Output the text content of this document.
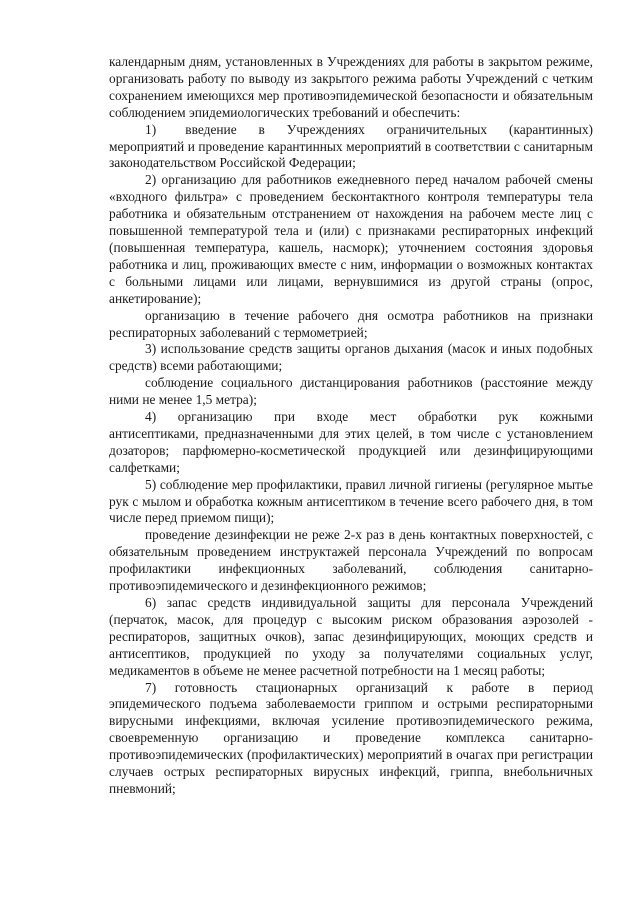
календарным дням, установленных в Учреждениях для работы в закрытом режиме, организовать работу по выводу из закрытого режима работы Учреждений с четким сохранением имеющихся мер противоэпидемической безопасности и обязательным соблюдением эпидемиологических требований и обеспечить:

1)    введение   в   Учреждениях   ограничительных   (карантинных) мероприятий и проведение карантинных мероприятий в соответствии с санитарным законодательством Российской Федерации;

2) организацию для работников ежедневного перед началом рабочей смены «входного фильтра» с проведением бесконтактного контроля температуры тела работника и обязательным отстранением от нахождения на рабочем месте лиц с повышенной температурой тела и (или) с признаками респираторных инфекций (повышенная температура, кашель, насморк); уточнением состояния здоровья работника и лиц, проживающих вместе с ним, информации о возможных контактах с больными лицами или лицами, вернувшимися из другой страны (опрос, анкетирование);

организацию в течение рабочего дня осмотра работников на признаки респираторных заболеваний с термометрией;

3) использование средств защиты органов дыхания (масок и иных подобных средств) всеми работающими;

соблюдение социального дистанцирования работников (расстояние между ними не менее 1,5 метра);

4)   организацию   при   входе   мест   обработки   рук   кожными антисептиками, предназначенными для этих целей, в том числе с установлением дозаторов; парфюмерно-косметической продукцией или дезинфицирующими салфетками;

5) соблюдение мер профилактики, правил личной гигиены (регулярное мытье рук с мылом и обработка кожным антисептиком в течение всего рабочего дня, в том числе перед приемом пищи);

проведение дезинфекции не реже 2-х раз в день контактных поверхностей, с обязательным проведением инструктажей персонала Учреждений по вопросам профилактики инфекционных заболеваний, соблюдения санитарно-противоэпидемического и дезинфекционного режимов;

6) запас средств индивидуальной защиты для персонала Учреждений (перчаток, масок, для процедур с высоким риском образования аэрозолей - респираторов, защитных очков), запас дезинфицирующих, моющих средств и антисептиков, продукцией по уходу за получателями социальных услуг, медикаментов в объеме не менее расчетной потребности на 1 месяц работы;

7)   готовность   стационарных   организаций   к   работе   в   период эпидемического подъема заболеваемости гриппом и острыми респираторными вирусными инфекциями, включая усиление противоэпидемического режима, своевременную организацию и проведение комплекса санитарно-противоэпидемических (профилактических) мероприятий в очагах при регистрации случаев острых респираторных вирусных инфекций, гриппа, внебольничных пневмоний;
